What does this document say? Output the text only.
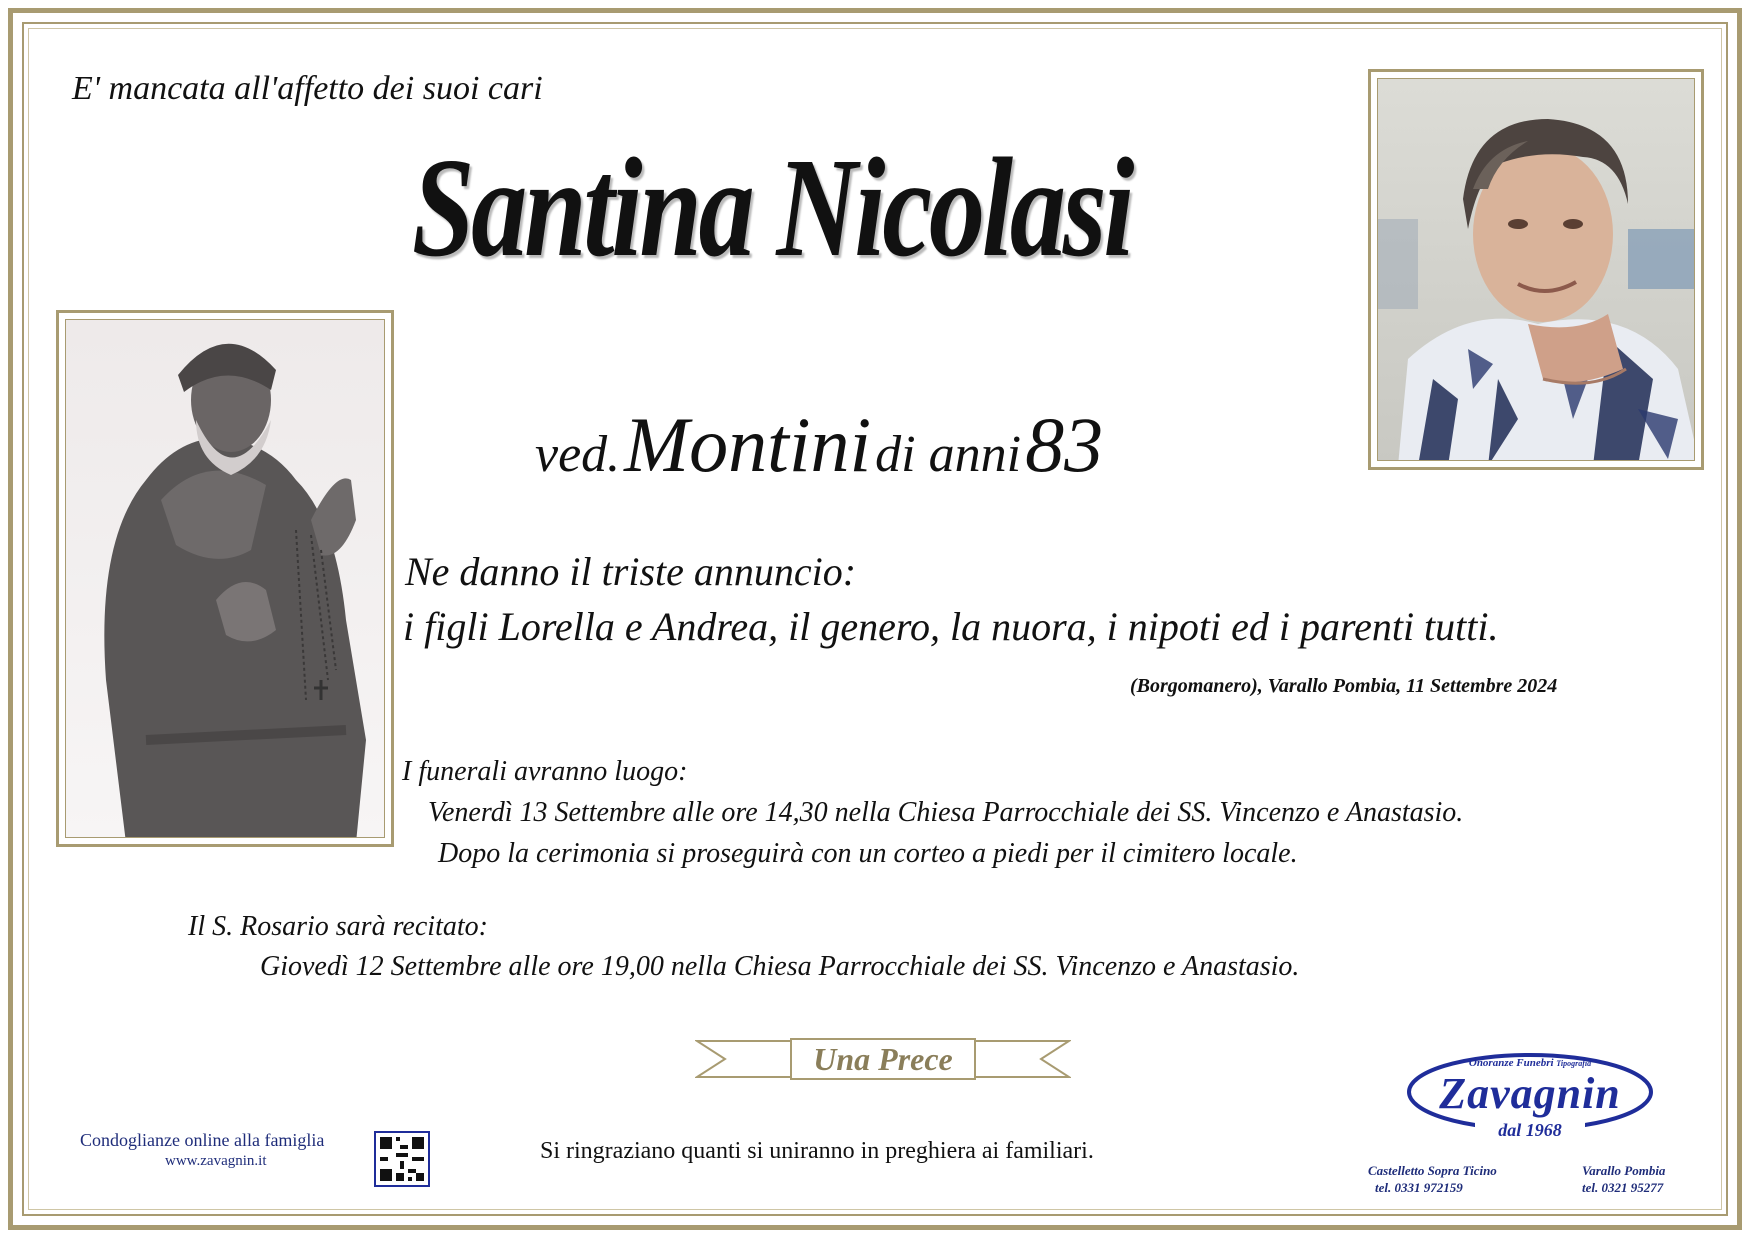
E' mancata all'affetto dei suoi cari
Santina Nicolasi
ved. Montini di anni 83
Ne danno il triste annuncio:
i figli Lorella e Andrea, il genero, la nuora, i nipoti ed i parenti tutti.
(Borgomanero), Varallo Pombia, 11 Settembre 2024
I funerali avranno luogo:
Venerdì 13 Settembre alle ore 14,30 nella Chiesa Parrocchiale dei SS. Vincenzo e Anastasio.
Dopo la cerimonia si proseguirà con un corteo a piedi per il cimitero locale.
Il S. Rosario sarà recitato:
Giovedì 12 Settembre alle ore 19,00 nella Chiesa Parrocchiale dei SS. Vincenzo e Anastasio.
Una Prece
Si ringraziano quanti si uniranno in preghiera ai familiari.
Condoglianze online alla famiglia
www.zavagnin.it
Onoranze Funebri Tipografia
Zavagnin
dal 1968
Castelletto Sopra Ticino
tel. 0331 972159
Varallo Pombia
tel. 0321 95277
